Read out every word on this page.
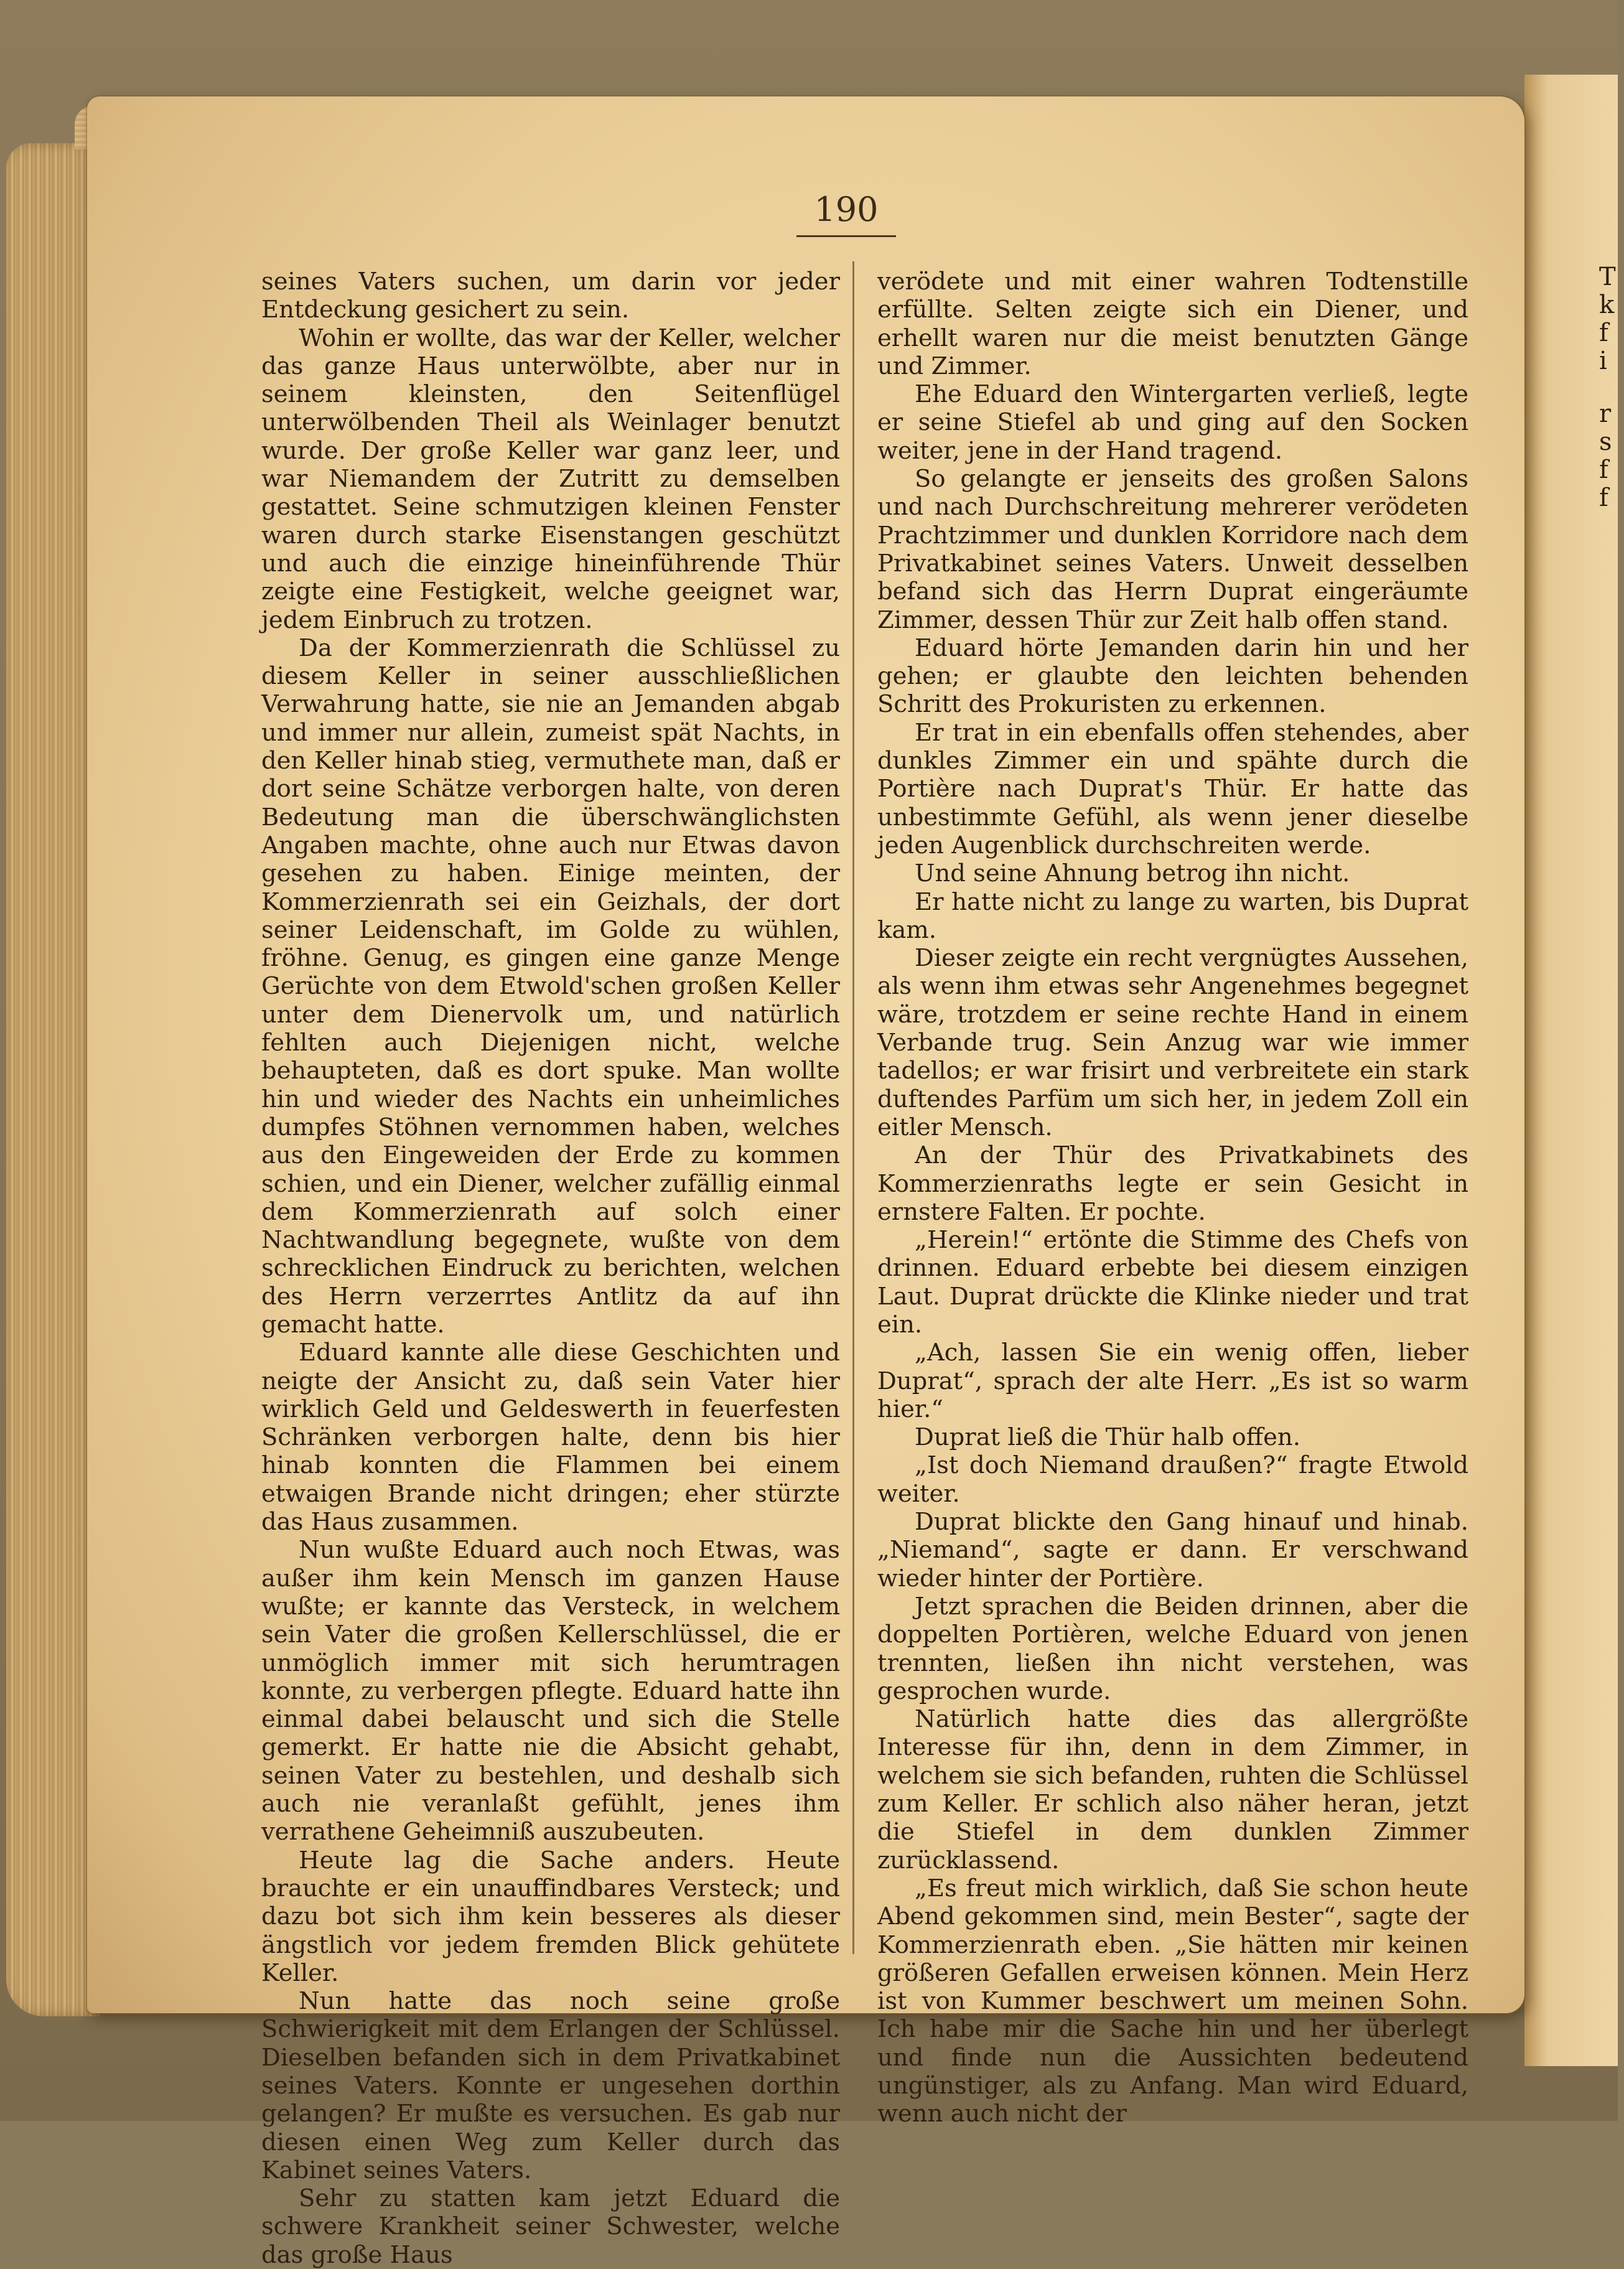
T
k
f
i
r
s
f
f
190

seines Vaters suchen, um darin vor jeder Entdeckung gesichert zu sein.

Wohin er wollte, das war der Keller, welcher das ganze Haus unterwölbte, aber nur in seinem kleinsten, den Seitenflügel unterwölbenden Theil als Weinlager benutzt wurde. Der große Keller war ganz leer, und war Niemandem der Zutritt zu demselben gestattet. Seine schmutzigen kleinen Fenster waren durch starke Eisenstangen geschützt und auch die einzige hineinführende Thür zeigte eine Festigkeit, welche geeignet war, jedem Einbruch zu trotzen.

Da der Kommerzienrath die Schlüssel zu diesem Keller in seiner ausschließlichen Verwahrung hatte, sie nie an Jemanden abgab und immer nur allein, zumeist spät Nachts, in den Keller hinab stieg, vermuthete man, daß er dort seine Schätze verborgen halte, von deren Bedeutung man die überschwänglichsten Angaben machte, ohne auch nur Etwas davon gesehen zu haben. Einige meinten, der Kommerzienrath sei ein Geizhals, der dort seiner Leidenschaft, im Golde zu wühlen, fröhne. Genug, es gingen eine ganze Menge Gerüchte von dem Etwold'schen großen Keller unter dem Dienervolk um, und natürlich fehlten auch Diejenigen nicht, welche behaupteten, daß es dort spuke. Man wollte hin und wieder des Nachts ein unheimliches dumpfes Stöhnen vernommen haben, welches aus den Eingeweiden der Erde zu kommen schien, und ein Diener, welcher zufällig einmal dem Kommerzienrath auf solch einer Nachtwandlung begegnete, wußte von dem schrecklichen Eindruck zu berichten, welchen des Herrn verzerrtes Antlitz da auf ihn gemacht hatte.

Eduard kannte alle diese Geschichten und neigte der Ansicht zu, daß sein Vater hier wirklich Geld und Geldeswerth in feuerfesten Schränken verborgen halte, denn bis hier hinab konnten die Flammen bei einem etwaigen Brande nicht dringen; eher stürzte das Haus zusammen.

Nun wußte Eduard auch noch Etwas, was außer ihm kein Mensch im ganzen Hause wußte; er kannte das Versteck, in welchem sein Vater die großen Kellerschlüssel, die er unmöglich immer mit sich herumtragen konnte, zu verbergen pflegte. Eduard hatte ihn einmal dabei belauscht und sich die Stelle gemerkt. Er hatte nie die Absicht gehabt, seinen Vater zu bestehlen, und deshalb sich auch nie veranlaßt gefühlt, jenes ihm verrathene Geheimniß auszubeuten.

Heute lag die Sache anders. Heute brauchte er ein unauffindbares Versteck; und dazu bot sich ihm kein besseres als dieser ängstlich vor jedem fremden Blick gehütete Keller.

Nun hatte das noch seine große Schwierigkeit mit dem Erlangen der Schlüssel. Dieselben befanden sich in dem Privatkabinet seines Vaters. Konnte er ungesehen dorthin gelangen? Er mußte es versuchen. Es gab nur diesen einen Weg zum Keller durch das Kabinet seines Vaters.

Sehr zu statten kam jetzt Eduard die schwere Krankheit seiner Schwester, welche das große Haus

verödete und mit einer wahren Todtenstille erfüllte. Selten zeigte sich ein Diener, und erhellt waren nur die meist benutzten Gänge und Zimmer.

Ehe Eduard den Wintergarten verließ, legte er seine Stiefel ab und ging auf den Socken weiter, jene in der Hand tragend.

So gelangte er jenseits des großen Salons und nach Durchschreitung mehrerer verödeten Prachtzimmer und dunklen Korridore nach dem Privatkabinet seines Vaters. Unweit desselben befand sich das Herrn Duprat eingeräumte Zimmer, dessen Thür zur Zeit halb offen stand.

Eduard hörte Jemanden darin hin und her gehen; er glaubte den leichten behenden Schritt des Prokuristen zu erkennen.

Er trat in ein ebenfalls offen stehendes, aber dunkles Zimmer ein und spähte durch die Portière nach Duprat's Thür. Er hatte das unbestimmte Gefühl, als wenn jener dieselbe jeden Augenblick durchschreiten werde.

Und seine Ahnung betrog ihn nicht.

Er hatte nicht zu lange zu warten, bis Duprat kam.

Dieser zeigte ein recht vergnügtes Aussehen, als wenn ihm etwas sehr Angenehmes begegnet wäre, trotzdem er seine rechte Hand in einem Verbande trug. Sein Anzug war wie immer tadellos; er war frisirt und verbreitete ein stark duftendes Parfüm um sich her, in jedem Zoll ein eitler Mensch.

An der Thür des Privatkabinets des Kommerzienraths legte er sein Gesicht in ernstere Falten. Er pochte.

„Herein!“ ertönte die Stimme des Chefs von drinnen. Eduard erbebte bei diesem einzigen Laut. Duprat drückte die Klinke nieder und trat ein.

„Ach, lassen Sie ein wenig offen, lieber Duprat“, sprach der alte Herr. „Es ist so warm hier.“

Duprat ließ die Thür halb offen.

„Ist doch Niemand draußen?“ fragte Etwold weiter.

Duprat blickte den Gang hinauf und hinab. „Niemand“, sagte er dann. Er verschwand wieder hinter der Portière.

Jetzt sprachen die Beiden drinnen, aber die doppelten Portièren, welche Eduard von jenen trennten, ließen ihn nicht verstehen, was gesprochen wurde.

Natürlich hatte dies das allergrößte Interesse für ihn, denn in dem Zimmer, in welchem sie sich befanden, ruhten die Schlüssel zum Keller. Er schlich also näher heran, jetzt die Stiefel in dem dunklen Zimmer zurücklassend.

„Es freut mich wirklich, daß Sie schon heute Abend gekommen sind, mein Bester“, sagte der Kommerzienrath eben. „Sie hätten mir keinen größeren Gefallen erweisen können. Mein Herz ist von Kummer beschwert um meinen Sohn. Ich habe mir die Sache hin und her überlegt und finde nun die Aussichten bedeutend ungünstiger, als zu Anfang. Man wird Eduard, wenn auch nicht der
